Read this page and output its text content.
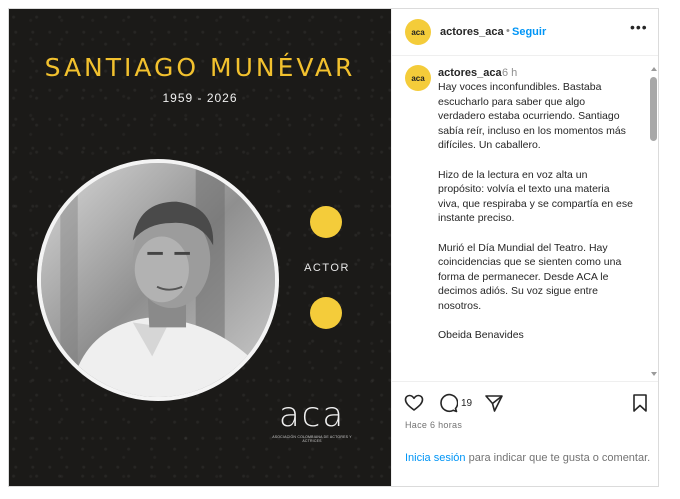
SANTIAGO MUNÉVAR
1959 - 2026
ACTOR
aca
ASOCIACIÓN COLOMBIANA DE ACTORES Y ACTRICES
aca	actores_aca • Seguir	•••
aca	actores_aca 6 h

Hay voces inconfundibles. Bastaba escucharlo para saber que algo verdadero estaba ocurriendo. Santiago sabía reír, incluso en los momentos más difíciles. Un caballero.

Hizo de la lectura en voz alta un propósito: volvía el texto una materia viva, que respiraba y se compartía en ese instante preciso.

Murió el Día Mundial del Teatro. Hay coincidencias que se sienten como una forma de permanecer. Desde ACA le decimos adiós. Su voz sigue entre nosotros.

Obeida Benavides

19
Hace 6 horas
Inicia sesión para indicar que te gusta o comentar.
